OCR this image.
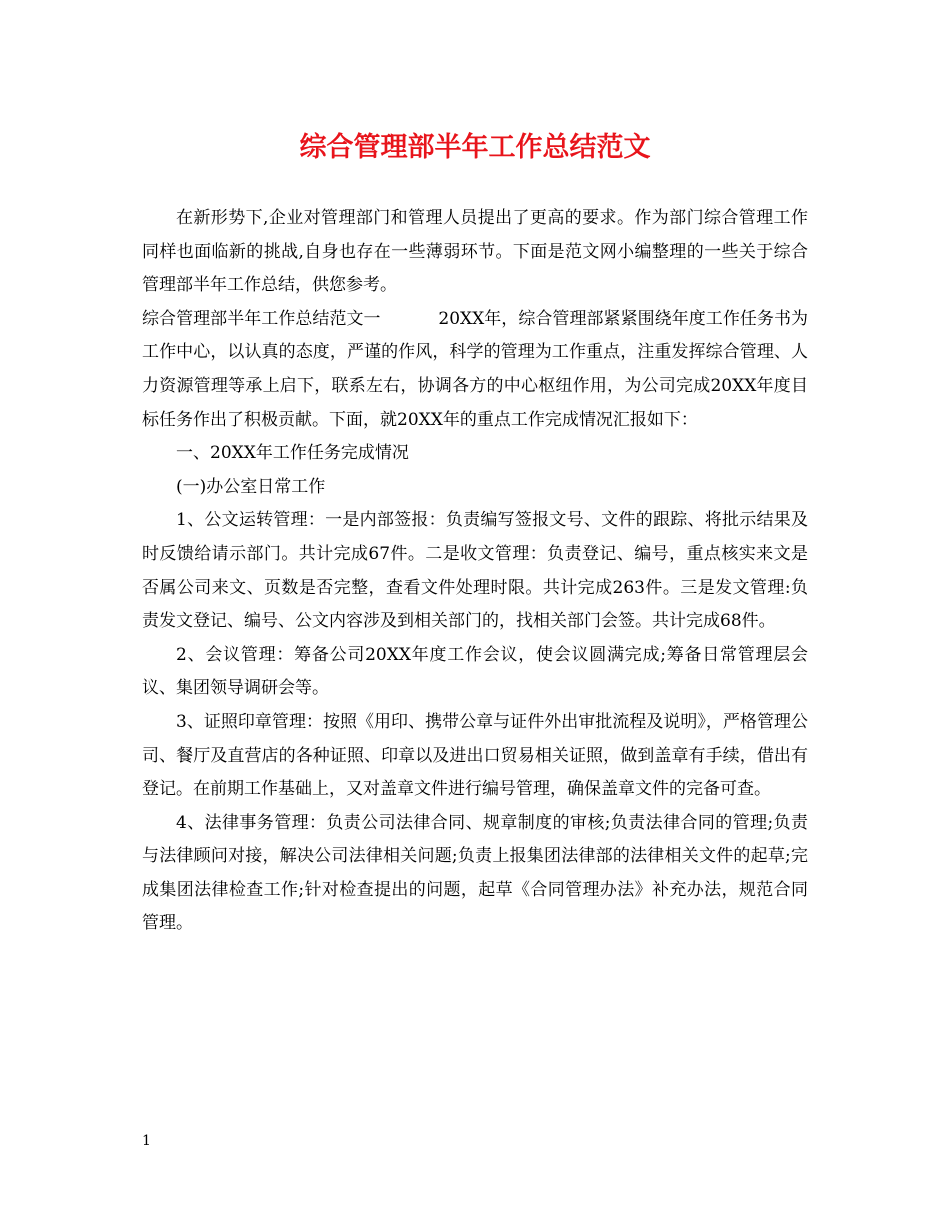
综合管理部半年工作总结范文

在新形势下,企业对管理部门和管理人员提出了更高的要求。作为部门综合管理工作同样也面临新的挑战,自身也存在一些薄弱环节。下面是范文网小编整理的一些关于综合管理部半年工作总结，供您参考。

综合管理部半年工作总结范文一	20XX年，综合管理部紧紧围绕年度工作任务书为工作中心，以认真的态度，严谨的作风，科学的管理为工作重点，注重发挥综合管理、人力资源管理等承上启下，联系左右，协调各方的中心枢纽作用，为公司完成20XX年度目标任务作出了积极贡献。下面，就20XX年的重点工作完成情况汇报如下：

一、20XX年工作任务完成情况

(一)办公室日常工作

1、公文运转管理：一是内部签报：负责编写签报文号、文件的跟踪、将批示结果及时反馈给请示部门。共计完成67件。二是收文管理：负责登记、编号，重点核实来文是否属公司来文、页数是否完整，查看文件处理时限。共计完成263件。三是发文管理:负责发文登记、编号、公文内容涉及到相关部门的，找相关部门会签。共计完成68件。

2、会议管理：筹备公司20XX年度工作会议，使会议圆满完成;筹备日常管理层会议、集团领导调研会等。

3、证照印章管理：按照《用印、携带公章与证件外出审批流程及说明》，严格管理公司、餐厅及直营店的各种证照、印章以及进出口贸易相关证照，做到盖章有手续，借出有登记。在前期工作基础上，又对盖章文件进行编号管理，确保盖章文件的完备可查。

4、法律事务管理：负责公司法律合同、规章制度的审核;负责法律合同的管理;负责与法律顾问对接，解决公司法律相关问题;负责上报集团法律部的法律相关文件的起草;完成集团法律检查工作;针对检查提出的问题，起草《合同管理办法》补充办法，规范合同管理。

1
